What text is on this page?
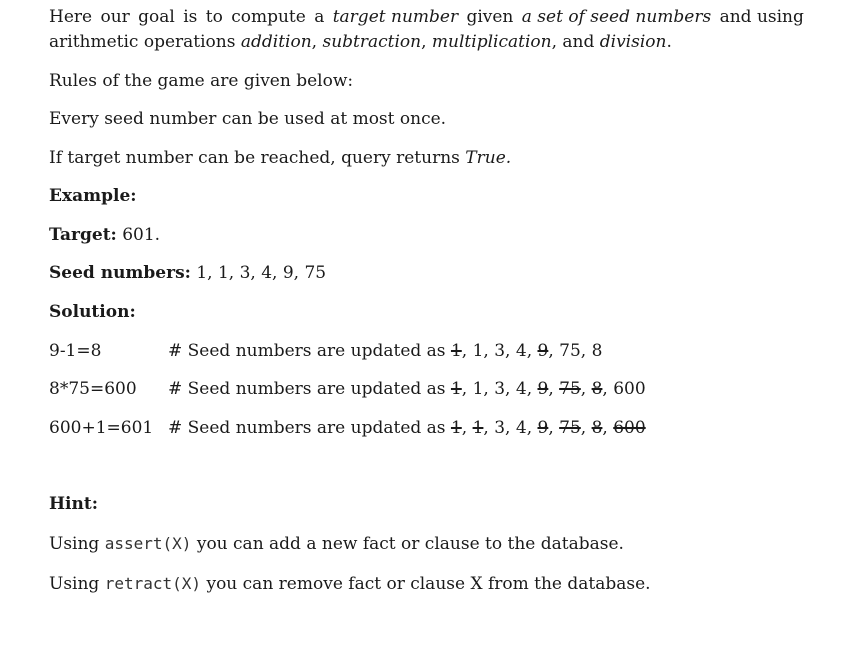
Here our goal is to compute a target number given a set of seed numbers and using
arithmetic operations addition, subtraction, multiplication, and division.
Rules of the game are given below:
Every seed number can be used at most once.
If target number can be reached, query returns True.
Example:
Target: 601.
Seed numbers: 1, 1, 3, 4, 9, 75
Solution:
9-1=8	# Seed numbers are updated as 1, 1, 3, 4, 9, 75, 8
8*75=600 # Seed numbers are updated as 1, 1, 3, 4, 9, 75, 8, 600
600+1=601 # Seed numbers are updated as 1, 1, 3, 4, 9, 75, 8, 600
Hint:
Using assert(X) you can add a new fact or clause to the database.
Using retract(X) you can remove fact or clause X from the database.
